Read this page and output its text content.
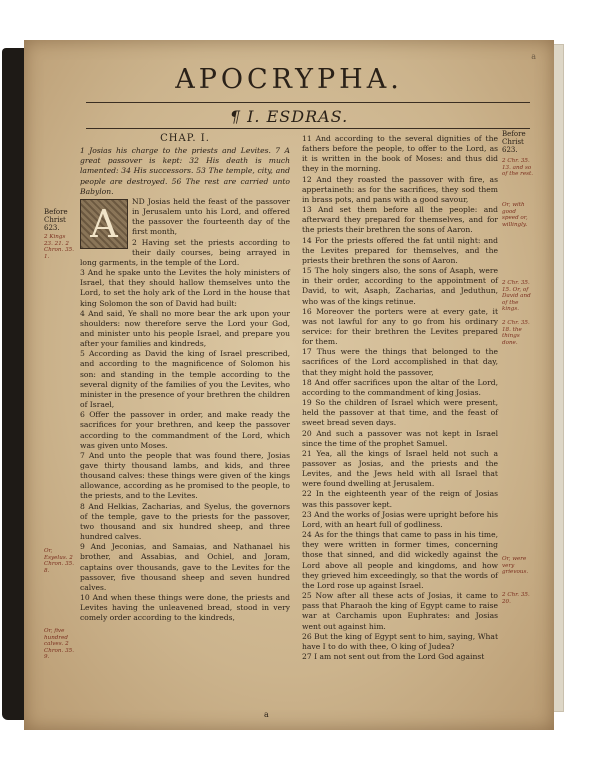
a
APOCRYPHA.
¶ I. ESDRAS.
Before Christ 623.
2 Kings 23. 21. 2 Chron. 35. 1.
Or, Esyelus. 2 Chron. 35. 8.
Or, five hundred calves. 2 Chron. 35. 9.
CHAP. I.

1 Josias his charge to the priests and Levites. 7 A great passover is kept: 32 His death is much lamented: 34 His successors. 53 The temple, city, and people are destroyed. 56 The rest are carried unto Babylon.

A

ND Josias held the feast of the passover in Jerusalem unto his Lord, and offered the passover the fourteenth day of the first month,

2 Having set the priests according to their daily courses, being arrayed in long garments, in the temple of the Lord.

3 And he spake unto the Levites the holy ministers of Israel, that they should hallow themselves unto the Lord, to set the holy ark of the Lord in the house that king Solomon the son of David had built:

4 And said, Ye shall no more bear the ark upon your shoulders: now therefore serve the Lord your God, and minister unto his people Israel, and prepare you after your families and kindreds,

5 According as David the king of Israel prescribed, and according to the magnificence of Solomon his son: and standing in the temple according to the several dignity of the families of you the Levites, who minister in the presence of your brethren the children of Israel,

6 Offer the passover in order, and make ready the sacrifices for your brethren, and keep the passover according to the commandment of the Lord, which was given unto Moses.

7 And unto the people that was found there, Josias gave thirty thousand lambs, and kids, and three thousand calves: these things were given of the kings allowance, according as he promised to the people, to the priests, and to the Levites.

8 And Helkias, Zacharias, and Syelus, the governors of the temple, gave to the priests for the passover, two thousand and six hundred sheep, and three hundred calves.

9 And Jeconias, and Samaias, and Nathanael his brother, and Assabias, and Ochiel, and Joram, captains over thousands, gave to the Levites for the passover, five thousand sheep and seven hundred calves.

10 And when these things were done, the priests and Levites having the unleavened bread, stood in very comely order according to the kindreds,

11 And according to the several dignities of the fathers before the people, to offer to the Lord, as it is written in the book of Moses: and thus did they in the morning.

12 And they roasted the passover with fire, as appertaineth: as for the sacrifices, they sod them in brass pots, and pans with a good savour,

13 And set them before all the people: and afterward they prepared for themselves, and for the priests their brethren the sons of Aaron.

14 For the priests offered the fat until night: and the Levites prepared for themselves, and the priests their brethren the sons of Aaron.

15 The holy singers also, the sons of Asaph, were in their order, according to the appointment of David, to wit, Asaph, Zacharias, and Jeduthun, who was of the kings retinue.

16 Moreover the porters were at every gate, it was not lawful for any to go from his ordinary service: for their brethren the Levites prepared for them.

17 Thus were the things that belonged to the sacrifices of the Lord accomplished in that day, that they might hold the passover,

18 And offer sacrifices upon the altar of the Lord, according to the commandment of king Josias.

19 So the children of Israel which were present, held the passover at that time, and the feast of sweet bread seven days.

20 And such a passover was not kept in Israel since the time of the prophet Samuel.

21 Yea, all the kings of Israel held not such a passover as Josias, and the priests and the Levites, and the Jews held with all Israel that were found dwelling at Jerusalem.

22 In the eighteenth year of the reign of Josias was this passover kept.

23 And the works of Josias were upright before his Lord, with an heart full of godliness.

24 As for the things that came to pass in his time, they were written in former times, concerning those that sinned, and did wickedly against the Lord above all people and kingdoms, and how they grieved him exceedingly, so that the words of the Lord rose up against Israel.

25 Now after all these acts of Josias, it came to pass that Pharaoh the king of Egypt came to raise war at Carchamis upon Euphrates: and Josias went out against him.

26 But the king of Egypt sent to him, saying, What have I to do with thee, O king of Judea?

27 I am not sent out from the Lord God against

Before Christ 623.
2 Chr. 35. 13. and so of the rest.
Or, with good speed or, willingly.
2 Chr. 35. 15. Or, of David and of the kings.
2 Chr. 35. 18. the things done.
Or, were very grievous.
2 Chr. 35. 20.
a
